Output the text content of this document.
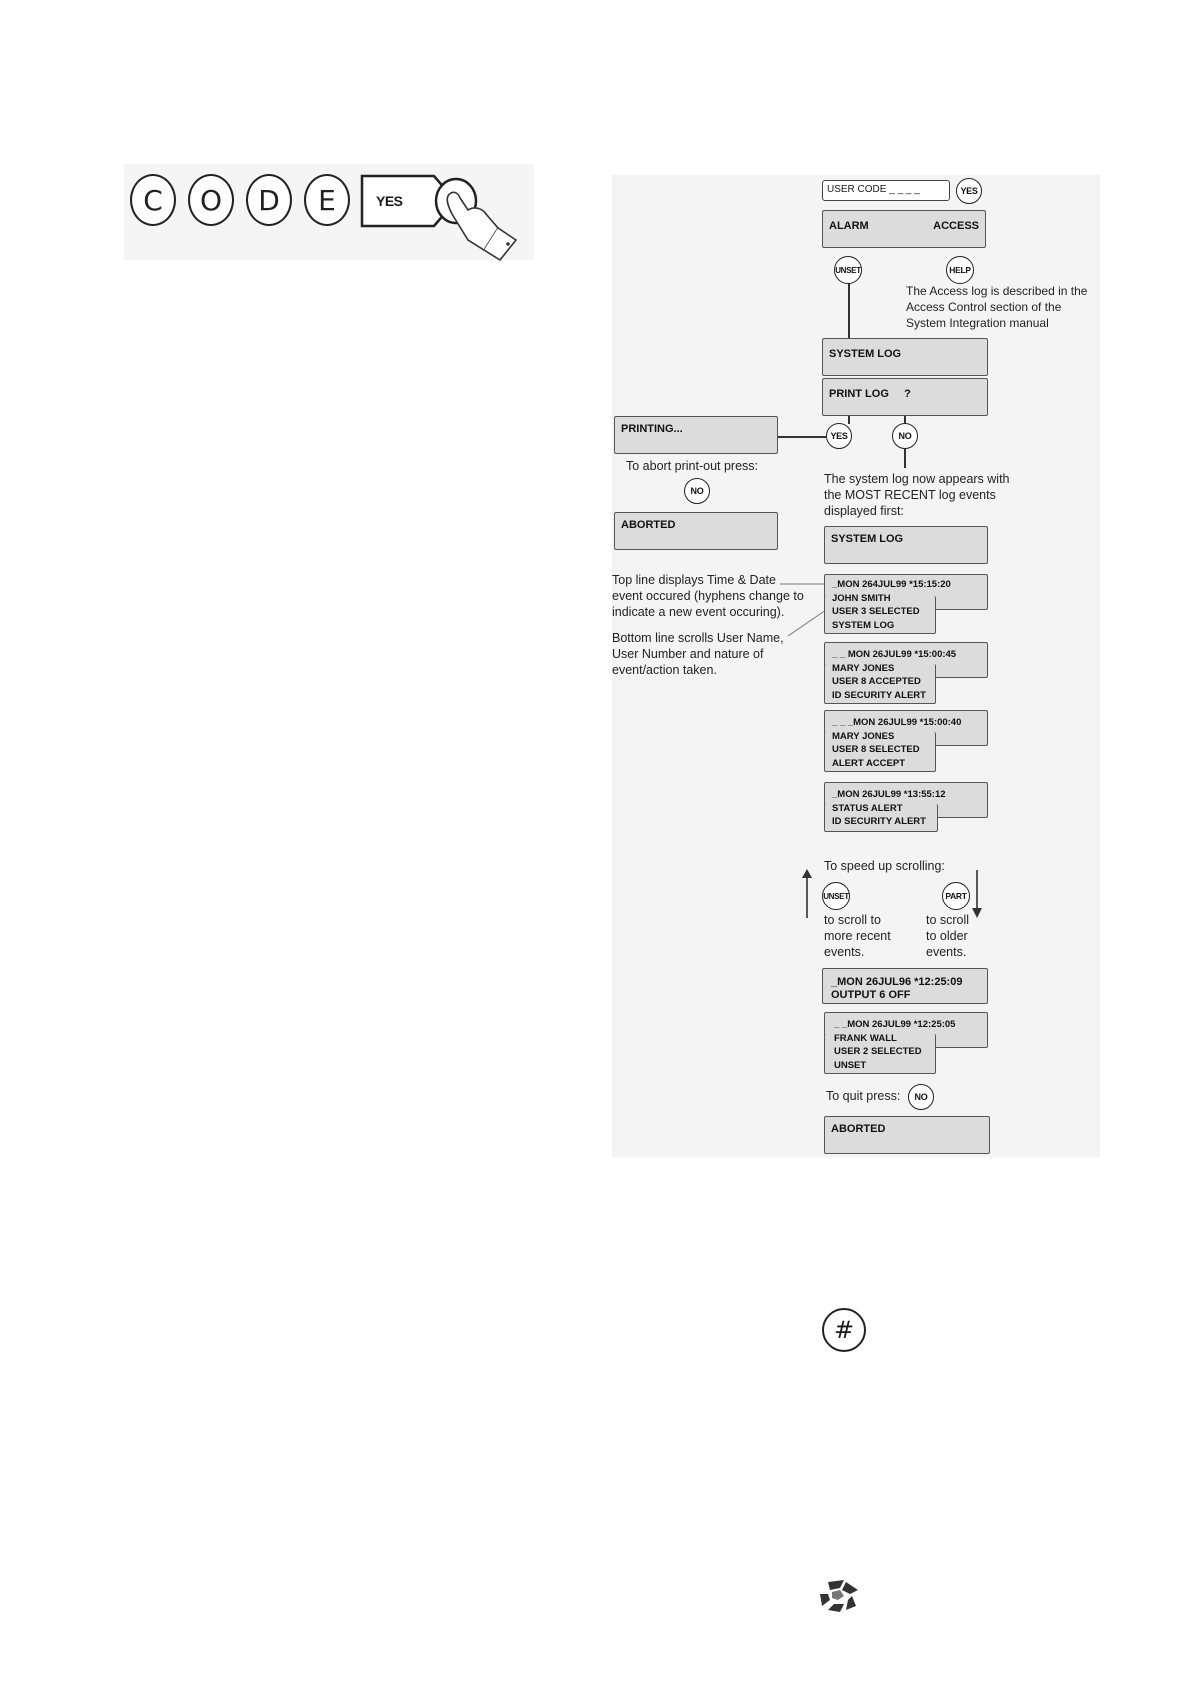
C	O	D	E	YES
USER CODE _ _ _ _	YES
ALARM	ACCESS
UNSET	HELP
The Access log is described in the
Access Control section of the
System Integration manual
SYSTEM LOG
PRINT LOG     ?
PRINTING...
YES	NO
To abort print-out press:
NO
ABORTED
The system log now appears with
the MOST RECENT log events
displayed first:
SYSTEM LOG
Top line displays Time & Date
event occured (hyphens change to
indicate a new event occuring).
Bottom line scrolls User Name,
User Number and nature of
event/action taken.
_MON 264JUL99 *15:15:20
JOHN SMITH
USER 3 SELECTED
SYSTEM LOG
_ _ MON 26JUL99 *15:00:45
MARY JONES
USER 8 ACCEPTED
ID SECURITY ALERT
_ _ _MON 26JUL99 *15:00:40
MARY JONES
USER 8 SELECTED
ALERT ACCEPT
_MON 26JUL99 *13:55:12
STATUS ALERT
ID SECURITY ALERT
To speed up scrolling:
UNSET	PART
to scroll to
more recent
events.
to scroll
to older
events.
_MON 26JUL96 *12:25:09
OUTPUT 6 OFF
_ _MON 26JUL99 *12:25:05
FRANK WALL
USER 2 SELECTED
UNSET
To quit press:	NO
ABORTED
#
